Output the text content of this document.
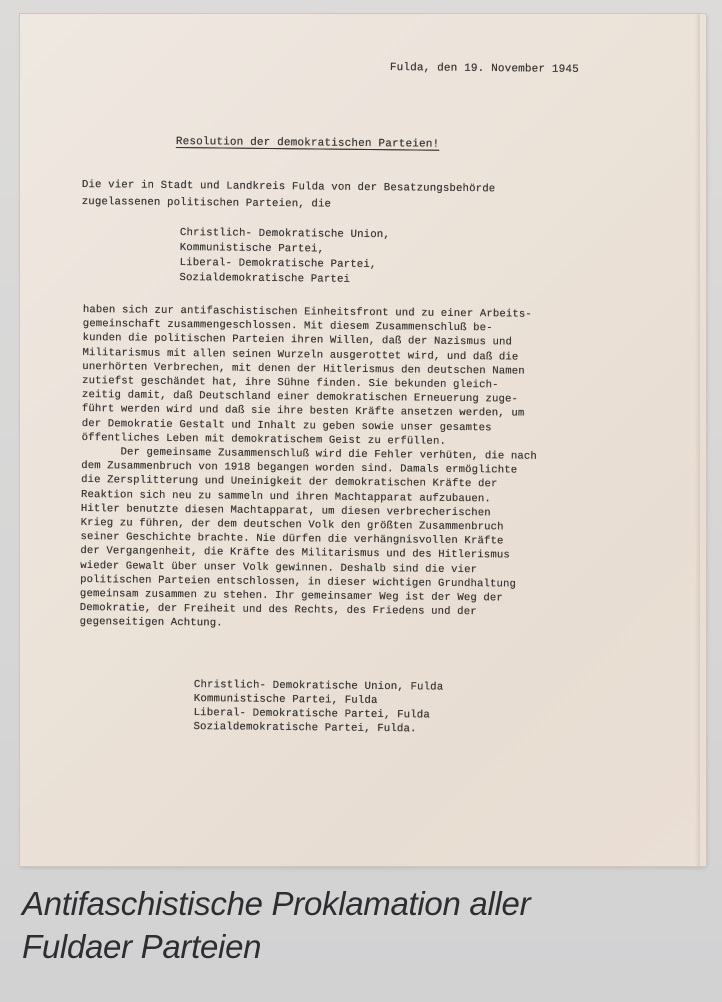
Fulda, den 19. November 1945

Resolution der demokratischen Parteien!

Die vier in Stadt und Landkreis Fulda von der Besatzungsbehörde
zugelassenen politischen Parteien, die

Christlich- Demokratische Union,
Kommunistische Partei,
Liberal- Demokratische Partei,
Sozialdemokratische Partei

haben sich zur antifaschistischen Einheitsfront und zu einer Arbeits-
gemeinschaft zusammengeschlossen. Mit diesem Zusammenschluß be-
kunden die politischen Parteien ihren Willen, daß der Nazismus und
Militarismus mit allen seinen Wurzeln ausgerottet wird, und daß die
unerhörten Verbrechen, mit denen der Hitlerismus den deutschen Namen
zutiefst geschändet hat, ihre Sühne finden. Sie bekunden gleich-
zeitig damit, daß Deutschland einer demokratischen Erneuerung zuge-
führt werden wird und daß sie ihre besten Kräfte ansetzen werden, um
der Demokratie Gestalt und Inhalt zu geben sowie unser gesamtes
öffentliches Leben mit demokratischem Geist zu erfüllen.
Der gemeinsame Zusammenschluß wird die Fehler verhüten, die nach
dem Zusammenbruch von 1918 begangen worden sind. Damals ermöglichte
die Zersplitterung und Uneinigkeit der demokratischen Kräfte der
Reaktion sich neu zu sammeln und ihren Machtapparat aufzubauen.
Hitler benutzte diesen Machtapparat, um diesen verbrecherischen
Krieg zu führen, der dem deutschen Volk den größten Zusammenbruch
seiner Geschichte brachte. Nie dürfen die verhängnisvollen Kräfte
der Vergangenheit, die Kräfte des Militarismus und des Hitlerismus
wieder Gewalt über unser Volk gewinnen. Deshalb sind die vier
politischen Parteien entschlossen, in dieser wichtigen Grundhaltung
gemeinsam zusammen zu stehen. Ihr gemeinsamer Weg ist der Weg der
Demokratie, der Freiheit und des Rechts, des Friedens und der
gegenseitigen Achtung.

Christlich- Demokratische Union, Fulda
Kommunistische Partei, Fulda
Liberal- Demokratische Partei, Fulda
Sozialdemokratische Partei, Fulda.

Antifaschistische Proklamation aller
Fuldaer Parteien
